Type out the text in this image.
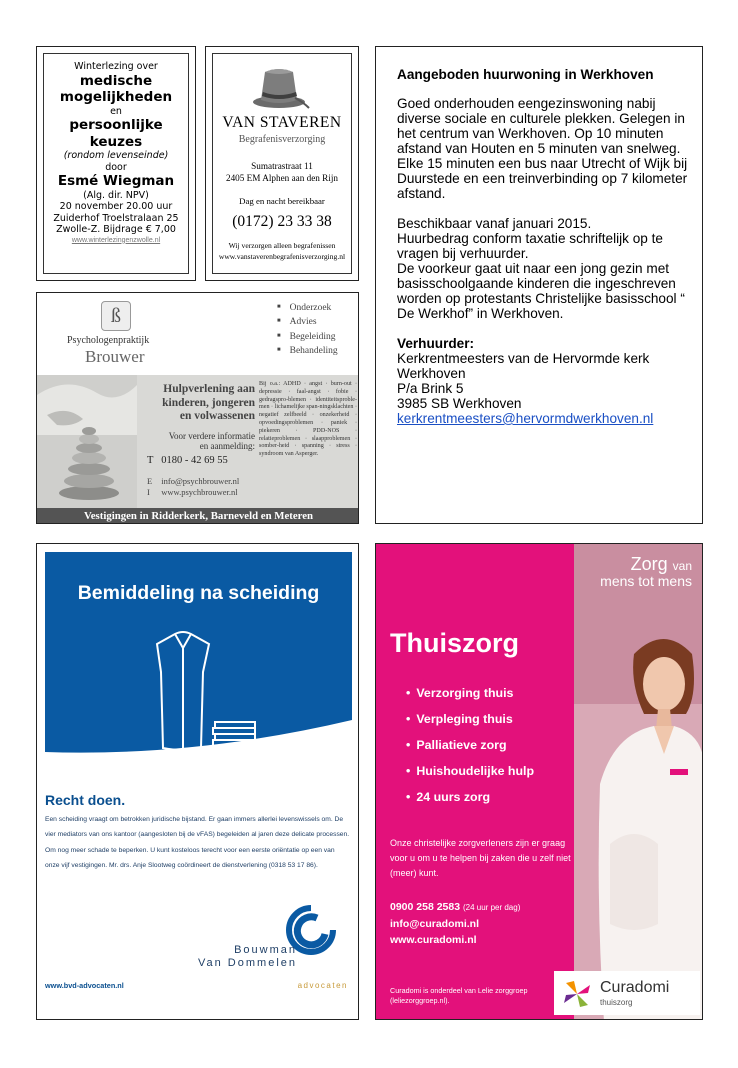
Winterlezing over
medische
mogelijkheden
en
persoonlijke
keuzes
(rondom levenseinde)
door
Esmé Wiegman
(Alg. dir. NPV)
20 november 20.00 uur
Zuiderhof Troelstralaan 25
Zwolle-Z. Bijdrage € 7,00
www.winterlezingenzwolle.nl
VAN STAVEREN
Begrafenisverzorging
Sumatrastraat 11
2405 EM Alphen aan den Rijn
Dag en nacht bereikbaar
(0172) 23 33 38
Wij verzorgen alleen begrafenissen
www.vanstaverenbegrafenisverzorging.nl
ß
Psychologenpraktijk
Brouwer
■ Onderzoek
■ Advies
■ Begeleiding
■ Behandeling
Hulpverlening aan
kinderen, jongeren
en volwassenen
Voor verdere informatie
en aanmelding:
T 0180 - 42 69 55
E info@psychbrouwer.nl
I www.psychbrouwer.nl
Bij o.a.: ADHD · angst · burn-out · depressie · faal-angst · fobie · gedragspro-blemen · identiteitsproble-men · lichamelijke span-ningsklachten · negatief zelfbeeld · onzekerheid · opvoedingsproblemen · paniek · piekeren · PDD-NOS · relatieproblemen · slaapproblemen · somber-heid · spanning · stress · syndroom van Asperger.
Vestigingen in Ridderkerk, Barneveld en Meteren
Aangeboden huurwoning in Werkhoven

Goed onderhouden eengezinswoning nabij diverse sociale en culturele plekken. Gelegen in het centrum van Werkhoven. Op 10 minuten afstand van Houten en 5 minuten van snelweg. Elke 15 minuten een bus naar Utrecht of Wijk bij Duurstede en een treinverbinding op 7 kilometer afstand.

Beschikbaar vanaf januari 2015.
Huurbedrag conform taxatie schriftelijk op te vragen bij verhuurder.
De voorkeur gaat uit naar een jong gezin met basisschoolgaande kinderen die ingeschreven worden op protestants Christelijke basisschool “ De Werkhof” in Werkhoven.

Verhuurder:
Kerkrentmeesters van de Hervormde kerk Werkhoven
P/a Brink 5
3985 SB Werkhoven
kerkrentmeesters@hervormdwerkhoven.nl
Bemiddeling na scheiding
Recht doen.
Een scheiding vraagt om betrokken juridische bijstand. Er gaan immers allerlei levenswissels om. De vier mediators van ons kantoor (aangesloten bij de vFAS) begeleiden al jaren deze delicate processen. Om nog meer schade te beperken. U kunt kosteloos terecht voor een eerste oriëntatie op een van onze vijf vestigingen. Mr. drs. Anje Slootweg coördineert de dienstverlening (0318 53 17 86).
Bouwman
Van Dommelen
www.bvd-advocaten.nl	advocaten
Zorg van
mens tot mens
Thuiszorg
• Verzorging thuis
• Verpleging thuis
• Palliatieve zorg
• Huishoudelijke hulp
• 24 uurs zorg
Onze christelijke zorgverleners zijn er graag voor u om u te helpen bij zaken die u zelf niet (meer) kunt.
0900 258 2583 (24 uur per dag)
info@curadomi.nl
www.curadomi.nl
Curadomi is onderdeel van Lelie zorggroep (leliezorggroep.nl).
Curadomi
thuiszorg
